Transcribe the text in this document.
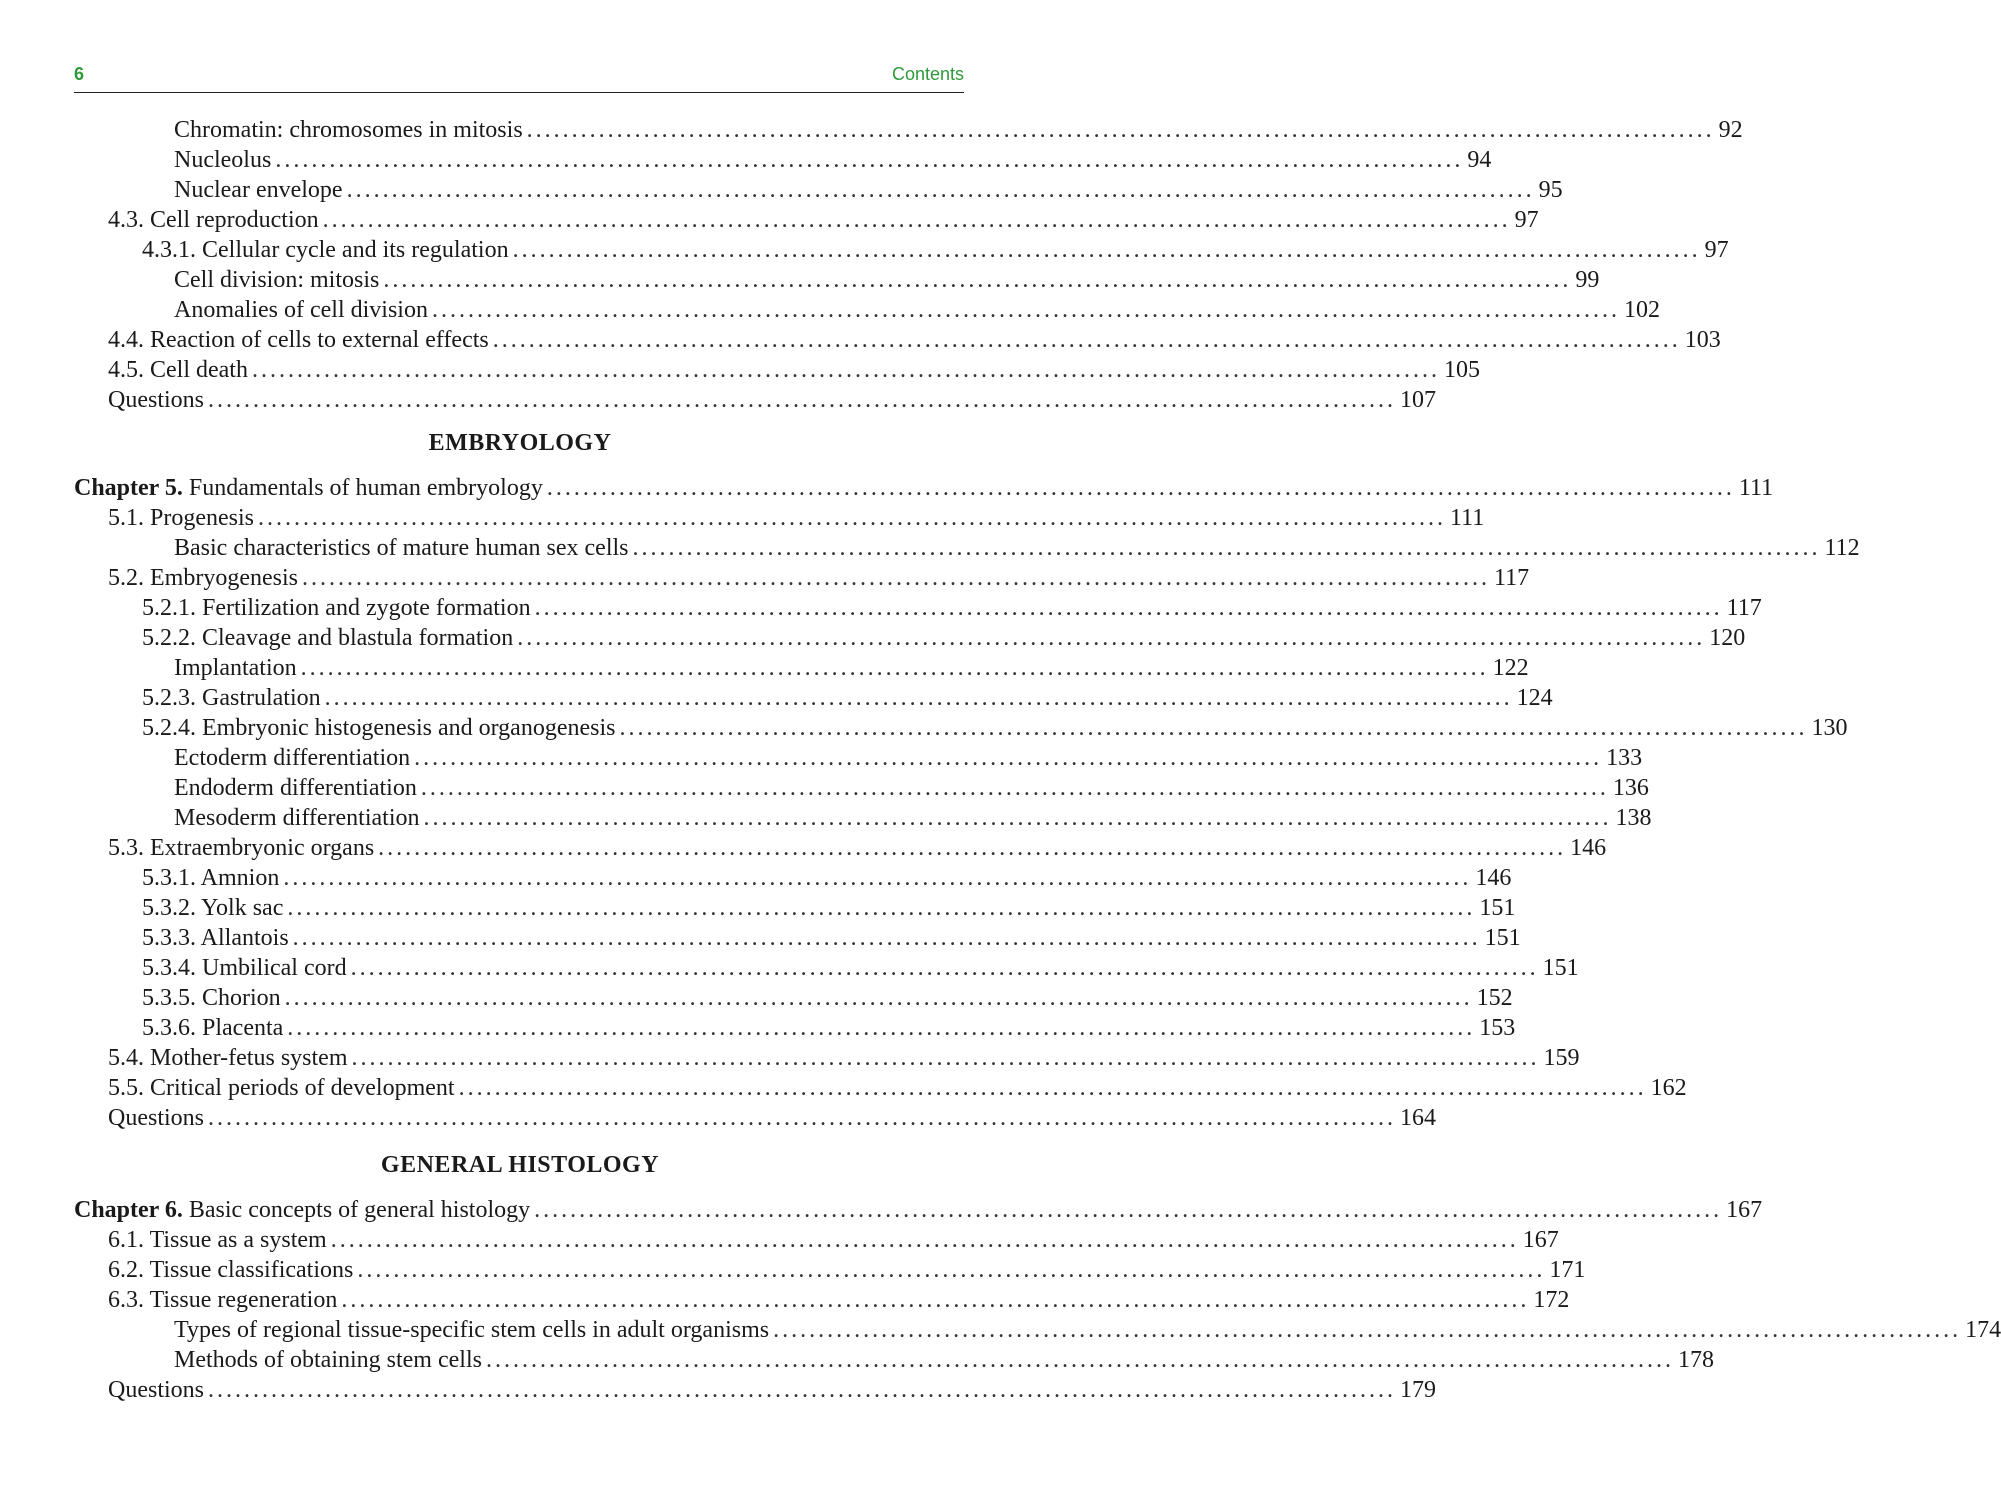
6	Contents
Chromatin: chromosomes in mitosis .................................................................................................................................... 92
Nucleolus .................................................................................................................................... 94
Nuclear envelope .................................................................................................................................... 95
4.3. Cell reproduction .................................................................................................................................... 97
4.3.1. Cellular cycle and its regulation .................................................................................................................................... 97
Cell division: mitosis .................................................................................................................................... 99
Anomalies of cell division .................................................................................................................................... 102
4.4. Reaction of cells to external effects .................................................................................................................................... 103
4.5. Cell death .................................................................................................................................... 105
Questions .................................................................................................................................... 107
EMBRYOLOGY
Chapter 5. Fundamentals of human embryology .................................................................................................................................... 111
5.1. Progenesis .................................................................................................................................... 111
Basic characteristics of mature human sex cells .................................................................................................................................... 112
5.2. Embryogenesis .................................................................................................................................... 117
5.2.1. Fertilization and zygote formation .................................................................................................................................... 117
5.2.2. Cleavage and blastula formation .................................................................................................................................... 120
Implantation .................................................................................................................................... 122
5.2.3. Gastrulation .................................................................................................................................... 124
5.2.4. Embryonic histogenesis and organogenesis .................................................................................................................................... 130
Ectoderm differentiation .................................................................................................................................... 133
Endoderm differentiation .................................................................................................................................... 136
Mesoderm differentiation .................................................................................................................................... 138
5.3. Extraembryonic organs .................................................................................................................................... 146
5.3.1. Amnion .................................................................................................................................... 146
5.3.2. Yolk sac .................................................................................................................................... 151
5.3.3. Allantois .................................................................................................................................... 151
5.3.4. Umbilical cord .................................................................................................................................... 151
5.3.5. Chorion .................................................................................................................................... 152
5.3.6. Placenta .................................................................................................................................... 153
5.4. Mother-fetus system .................................................................................................................................... 159
5.5. Critical periods of development .................................................................................................................................... 162
Questions .................................................................................................................................... 164
GENERAL HISTOLOGY
Chapter 6. Basic concepts of general histology .................................................................................................................................... 167
6.1. Tissue as a system .................................................................................................................................... 167
6.2. Tissue classifications .................................................................................................................................... 171
6.3. Tissue regeneration .................................................................................................................................... 172
Types of regional tissue-specific stem cells in adult organisms .................................................................................................................................... 174
Methods of obtaining stem cells .................................................................................................................................... 178
Questions .................................................................................................................................... 179
